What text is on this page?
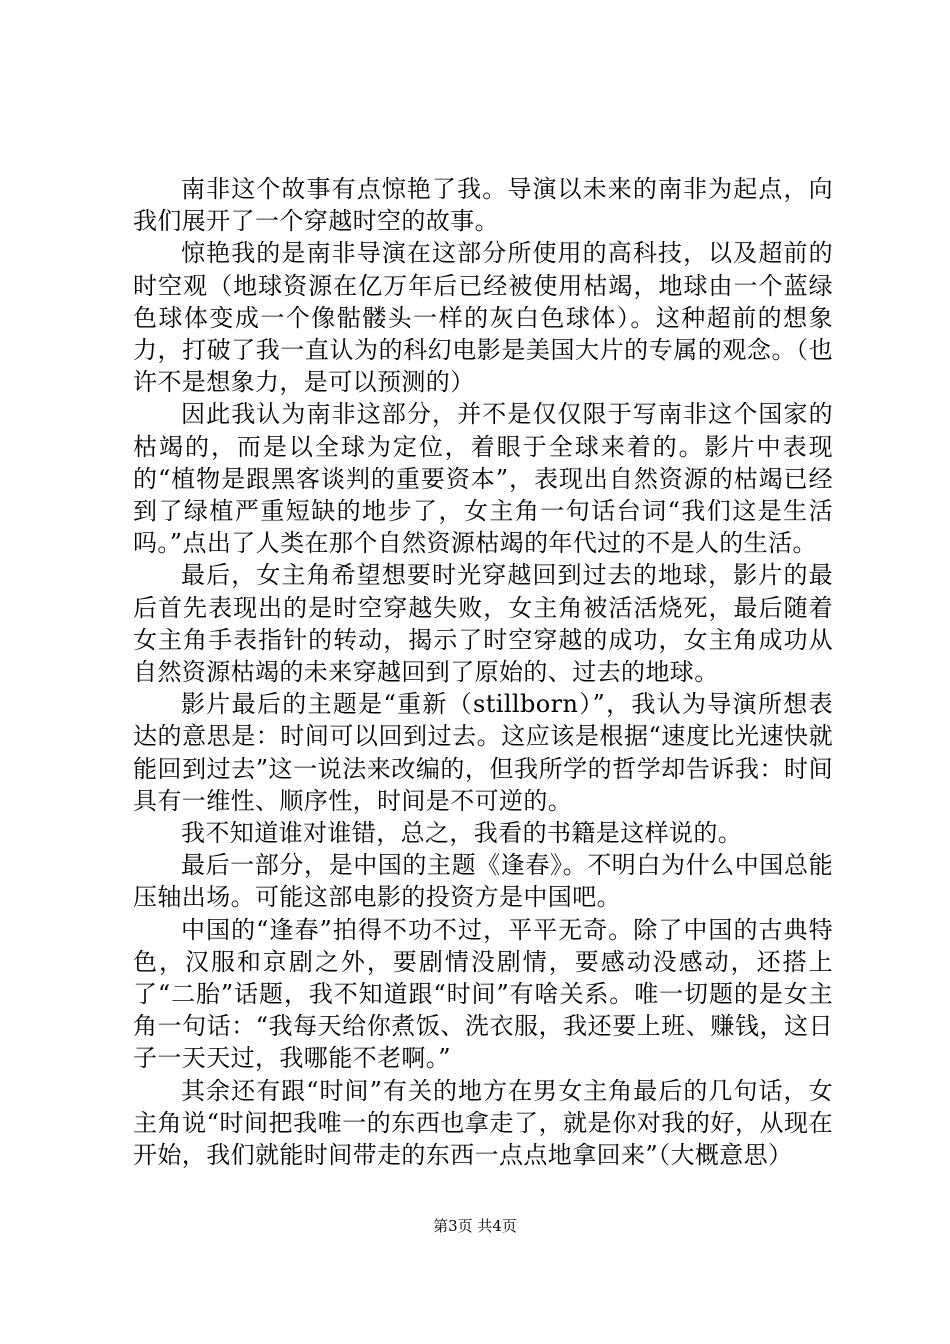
南非这个故事有点惊艳了我。导演以未来的南非为起点，向我们展开了一个穿越时空的故事。

惊艳我的是南非导演在这部分所使用的高科技，以及超前的时空观（地球资源在亿万年后已经被使用枯竭，地球由一个蓝绿色球体变成一个像骷髅头一样的灰白色球体）。这种超前的想象力，打破了我一直认为的科幻电影是美国大片的专属的观念。（也许不是想象力，是可以预测的）

因此我认为南非这部分，并不是仅仅限于写南非这个国家的枯竭的，而是以全球为定位，着眼于全球来着的。影片中表现的“植物是跟黑客谈判的重要资本”，表现出自然资源的枯竭已经到了绿植严重短缺的地步了，女主角一句话台词“我们这是生活吗。”点出了人类在那个自然资源枯竭的年代过的不是人的生活。

最后，女主角希望想要时光穿越回到过去的地球，影片的最后首先表现出的是时空穿越失败，女主角被活活烧死，最后随着女主角手表指针的转动，揭示了时空穿越的成功，女主角成功从自然资源枯竭的未来穿越回到了原始的、过去的地球。

影片最后的主题是“重新（stillborn）”，我认为导演所想表达的意思是：时间可以回到过去。这应该是根据“速度比光速快就能回到过去”这一说法来改编的，但我所学的哲学却告诉我：时间具有一维性、顺序性，时间是不可逆的。

我不知道谁对谁错，总之，我看的书籍是这样说的。

最后一部分，是中国的主题《逢春》。不明白为什么中国总能压轴出场。可能这部电影的投资方是中国吧。

中国的“逢春”拍得不功不过，平平无奇。除了中国的古典特色，汉服和京剧之外，要剧情没剧情，要感动没感动，还搭上了“二胎”话题，我不知道跟“时间”有啥关系。唯一切题的是女主角一句话：“我每天给你煮饭、洗衣服，我还要上班、赚钱，这日子一天天过，我哪能不老啊。”

其余还有跟“时间”有关的地方在男女主角最后的几句话，女主角说“时间把我唯一的东西也拿走了，就是你对我的好，从现在开始，我们就能时间带走的东西一点点地拿回来”（大概意思）

第3页 共4页
